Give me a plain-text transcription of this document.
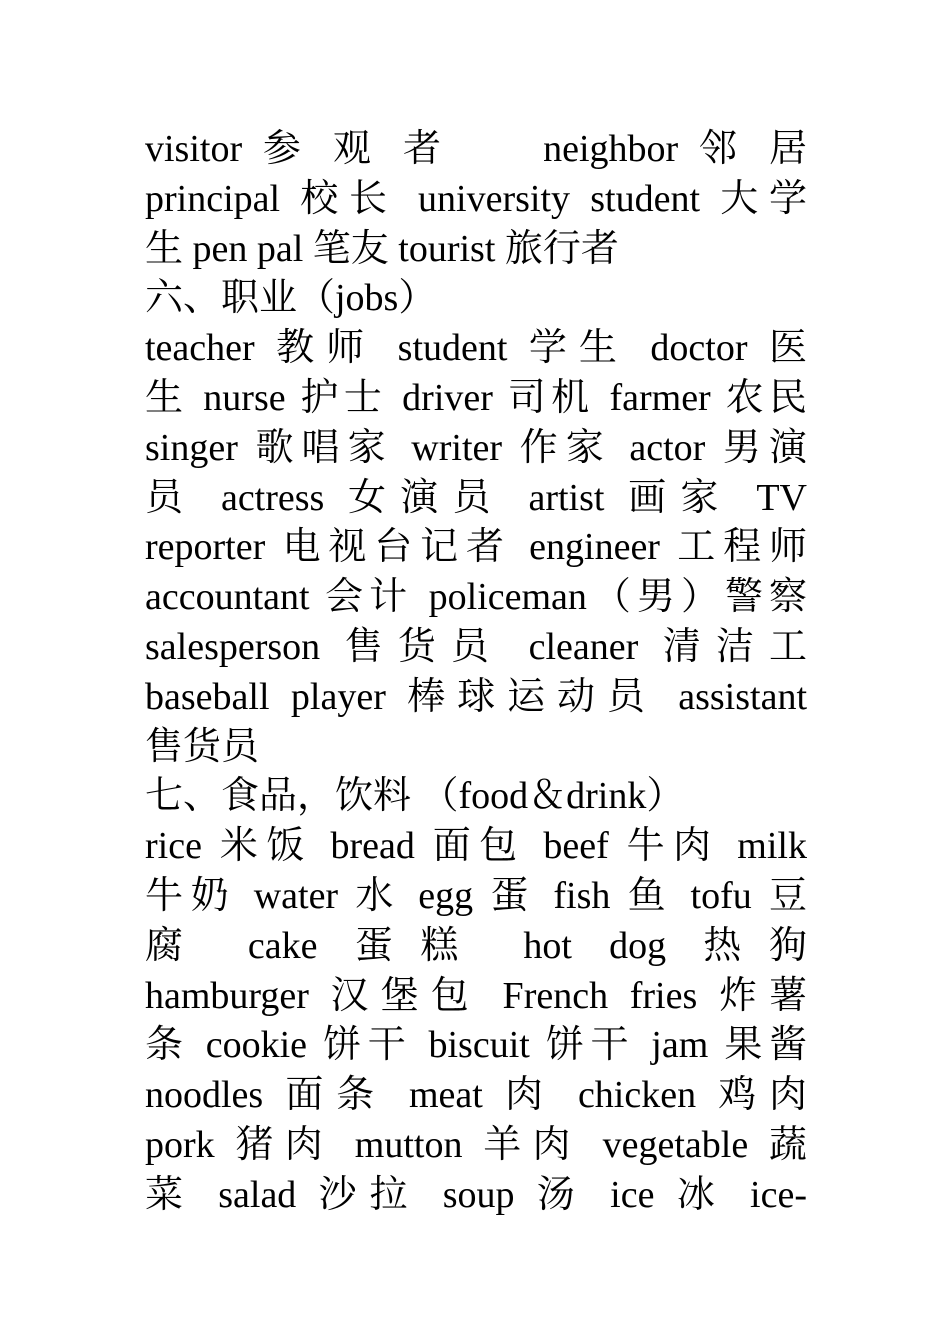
visitor 参 观 者 　 neighbor 邻 居
principal 校长 university student 大学
生 pen pal 笔友 tourist 旅行者
六、职业（jobs）
teacher 教师 student 学生 doctor 医
生 nurse 护士 driver 司机 farmer 农民
singer 歌唱家 writer 作家 actor 男演
员 actress 女演员 artist 画家 TV
reporter 电视台记者 engineer 工程师
accountant 会计 policeman（男）警察
salesperson 售货员 cleaner 清洁工
baseball player 棒球运动员 assistant
售货员
七、食品，饮料 （food＆drink）
rice 米饭 bread 面包 beef 牛肉 milk
牛奶 water 水 egg 蛋 fish 鱼 tofu 豆
腐 cake 蛋糕 hot dog 热狗
hamburger 汉堡包 French fries 炸薯
条 cookie 饼干 biscuit 饼干 jam 果酱
noodles 面条 meat 肉 chicken 鸡肉
pork 猪肉 mutton 羊肉 vegetable 蔬
菜 salad 沙拉 soup 汤 ice 冰 ice-
